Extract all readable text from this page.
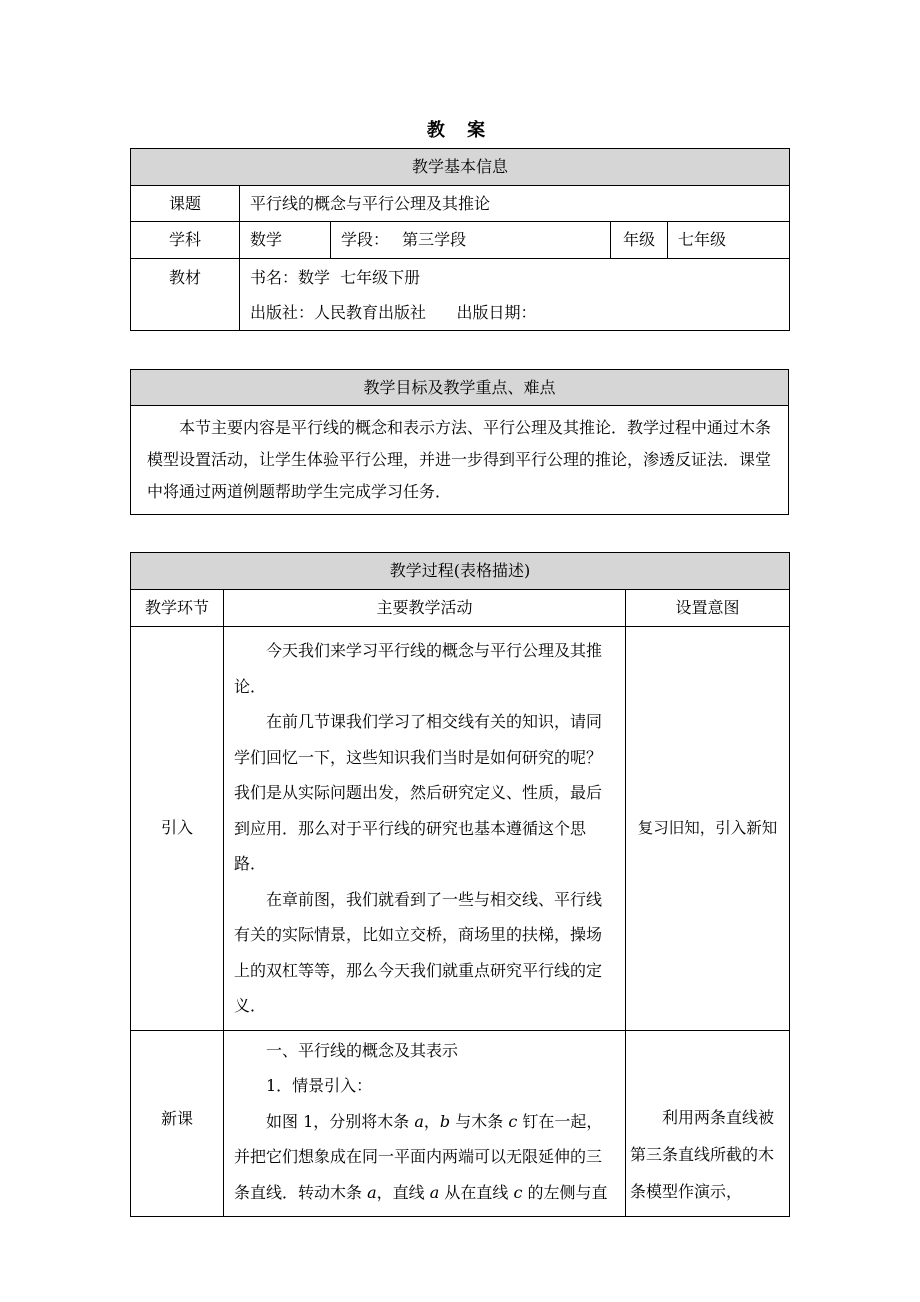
教 案
教学基本信息				
课题	平行线的概念与平行公理及其推论			
学科	数学	学段： 第三学段	年级	七年级
教材	书名：数学  七年级下册
出版社：人民教育出版社      出版日期：			
教学目标及教学重点、难点
本节主要内容是平行线的概念和表示方法、平行公理及其推论．教学过程中通过木条模型设置活动，让学生体验平行公理，并进一步得到平行公理的推论，渗透反证法．课堂中将通过两道例题帮助学生完成学习任务．
教学过程(表格描述)		
教学环节	主要教学活动	设置意图
引入	今天我们来学习平行线的概念与平行公理及其推论．

在前几节课我们学习了相交线有关的知识，请同学们回忆一下，这些知识我们当时是如何研究的呢？我们是从实际问题出发，然后研究定义、性质，最后到应用．那么对于平行线的研究也基本遵循这个思路．

在章前图，我们就看到了一些与相交线、平行线有关的实际情景，比如立交桥，商场里的扶梯，操场上的双杠等等，那么今天我们就重点研究平行线的定义．	复习旧知，引入新知
新课	一、平行线的概念及其表示

1．情景引入：

如图 1，分别将木条 a，b 与木条 c 钉在一起，并把它们想象成在同一平面内两端可以无限延伸的三条直线．转动木条 a，直线 a 从在直线 c 的左侧与直	利用两条直线被第三条直线所截的木条模型作演示，
